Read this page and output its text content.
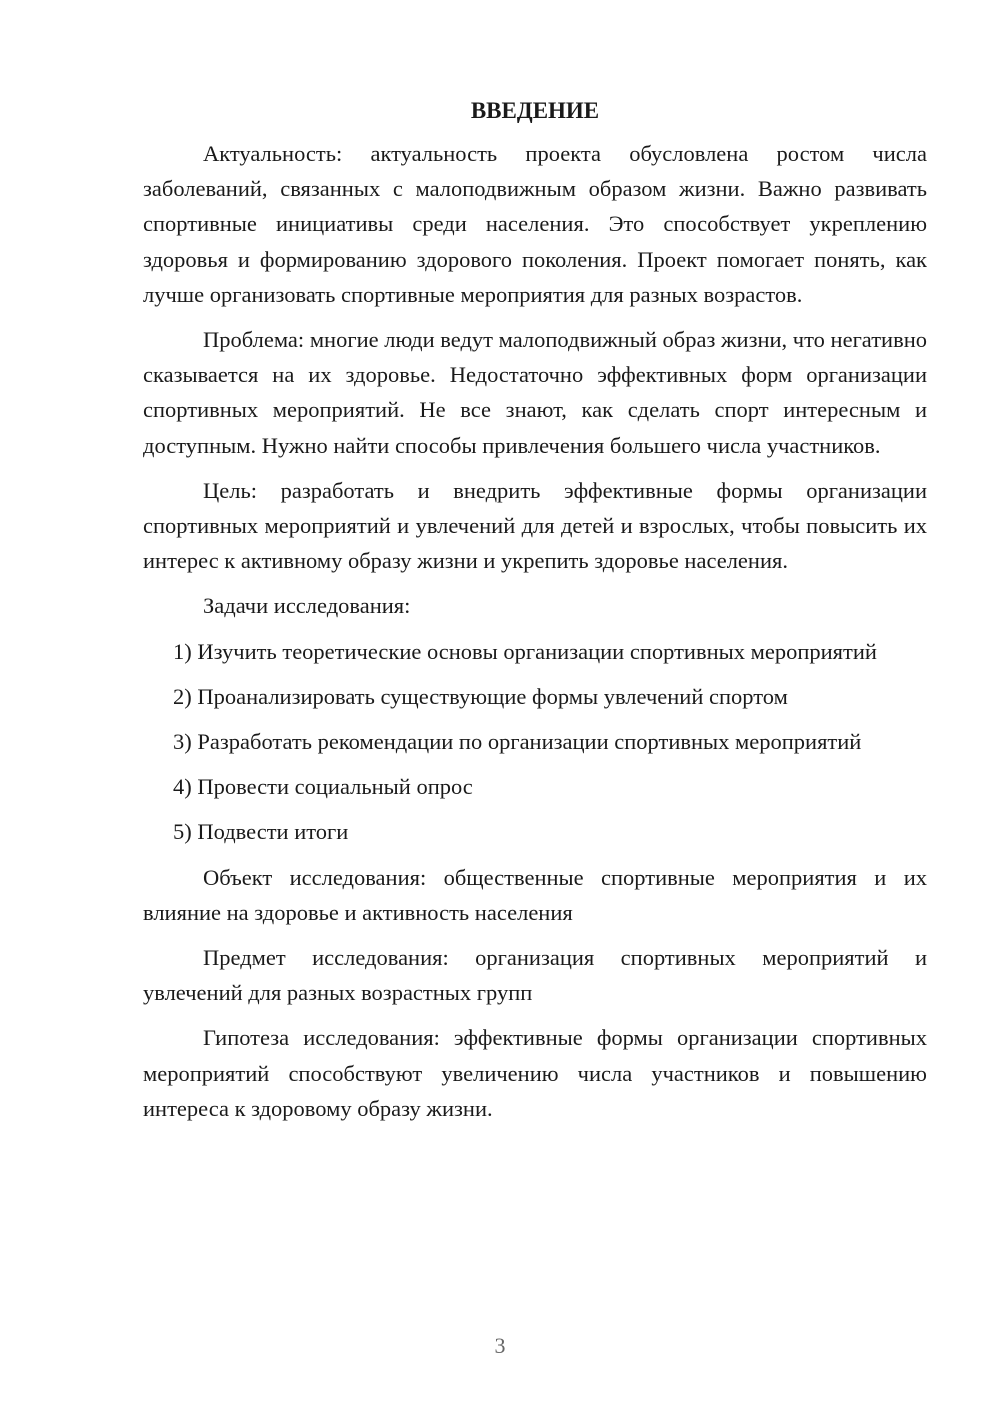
ВВЕДЕНИЕ

Актуальность: актуальность проекта обусловлена ростом числа заболеваний, связанных с малоподвижным образом жизни. Важно развивать спортивные инициативы среди населения. Это способствует укреплению здоровья и формированию здорового поколения. Проект помогает понять, как лучше организовать спортивные мероприятия для разных возрастов.

Проблема: многие люди ведут малоподвижный образ жизни, что негативно сказывается на их здоровье. Недостаточно эффективных форм организации спортивных мероприятий. Не все знают, как сделать спорт интересным и доступным. Нужно найти способы привлечения большего числа участников.

Цель: разработать и внедрить эффективные формы организации спортивных мероприятий и увлечений для детей и взрослых, чтобы повысить их интерес к активному образу жизни и укрепить здоровье населения.

Задачи исследования:

1) Изучить теоретические основы организации спортивных мероприятий

2) Проанализировать существующие формы увлечений спортом

3) Разработать рекомендации по организации спортивных мероприятий

4) Провести социальный опрос

5) Подвести итоги

Объект исследования: общественные спортивные мероприятия и их влияние на здоровье и активность населения

Предмет исследования: организация спортивных мероприятий и увлечений для разных возрастных групп

Гипотеза исследования: эффективные формы организации спортивных мероприятий способствуют увеличению числа участников и повышению интереса к здоровому образу жизни.

3
